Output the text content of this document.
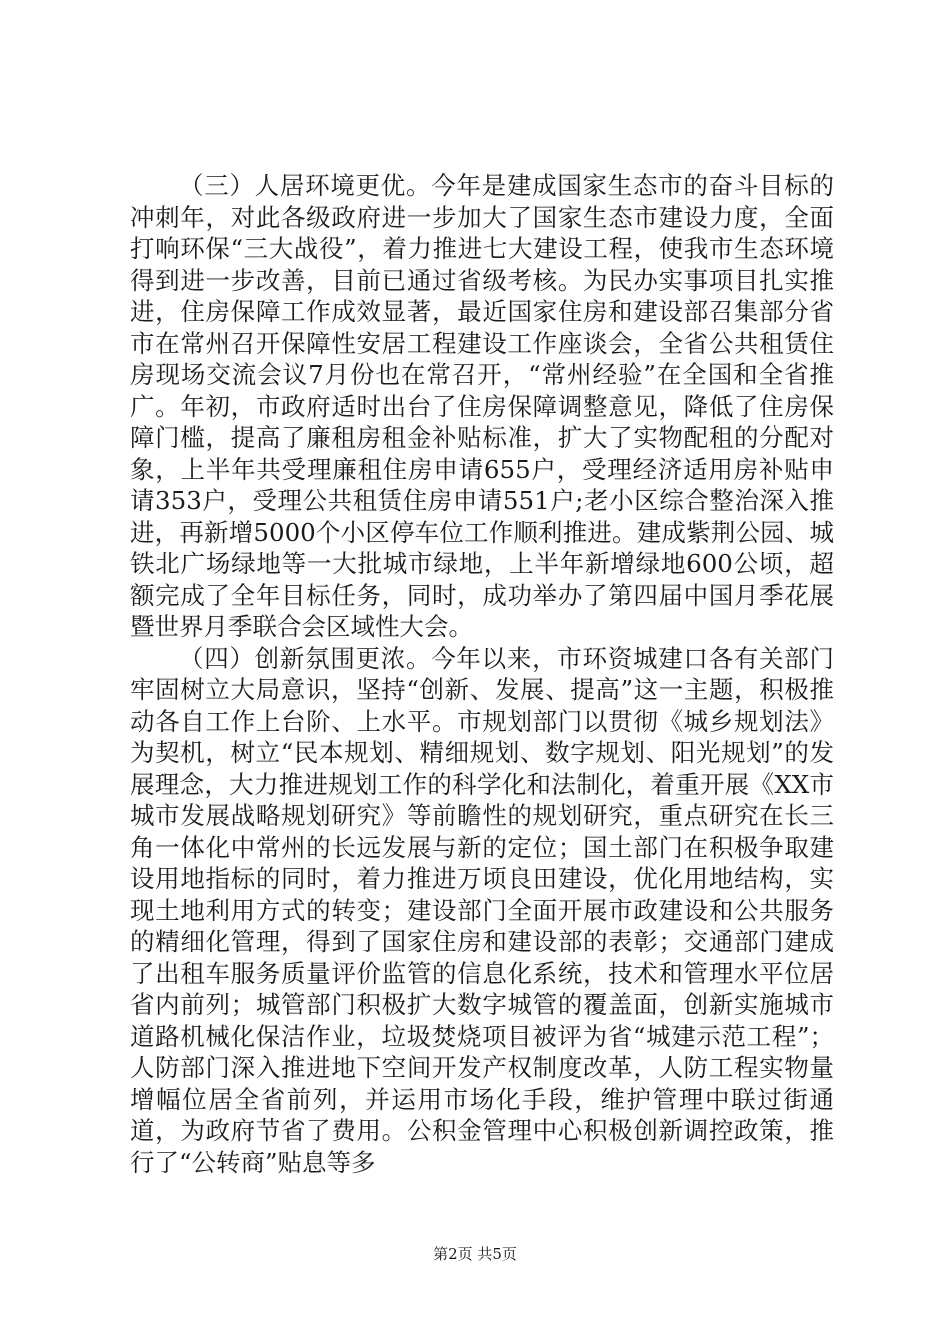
（三）人居环境更优。今年是建成国家生态市的奋斗目标的冲刺年，对此各级政府进一步加大了国家生态市建设力度，全面打响环保“三大战役”，着力推进七大建设工程，使我市生态环境得到进一步改善，目前已通过省级考核。为民办实事项目扎实推进，住房保障工作成效显著，最近国家住房和建设部召集部分省市在常州召开保障性安居工程建设工作座谈会，全省公共租赁住房现场交流会议7月份也在常召开，“常州经验”在全国和全省推广。年初，市政府适时出台了住房保障调整意见，降低了住房保障门槛，提高了廉租房租金补贴标准，扩大了实物配租的分配对象，上半年共受理廉租住房申请655户，受理经济适用房补贴申请353户，受理公共租赁住房申请551户;老小区综合整治深入推进，再新增5000个小区停车位工作顺利推进。建成紫荆公园、城铁北广场绿地等一大批城市绿地，上半年新增绿地600公顷，超额完成了全年目标任务，同时，成功举办了第四届中国月季花展暨世界月季联合会区域性大会。

（四）创新氛围更浓。今年以来，市环资城建口各有关部门牢固树立大局意识，坚持“创新、发展、提高”这一主题，积极推动各自工作上台阶、上水平。市规划部门以贯彻《城乡规划法》为契机，树立“民本规划、精细规划、数字规划、阳光规划”的发展理念，大力推进规划工作的科学化和法制化，着重开展《XX市城市发展战略规划研究》等前瞻性的规划研究，重点研究在长三角一体化中常州的长远发展与新的定位；国土部门在积极争取建设用地指标的同时，着力推进万顷良田建设，优化用地结构，实现土地利用方式的转变；建设部门全面开展市政建设和公共服务的精细化管理，得到了国家住房和建设部的表彰；交通部门建成了出租车服务质量评价监管的信息化系统，技术和管理水平位居省内前列；城管部门积极扩大数字城管的覆盖面，创新实施城市道路机械化保洁作业，垃圾焚烧项目被评为省“城建示范工程”；人防部门深入推进地下空间开发产权制度改革，人防工程实物量增幅位居全省前列，并运用市场化手段，维护管理中联过街通道，为政府节省了费用。公积金管理中心积极创新调控政策，推行了“公转商”贴息等多

第2页 共5页
